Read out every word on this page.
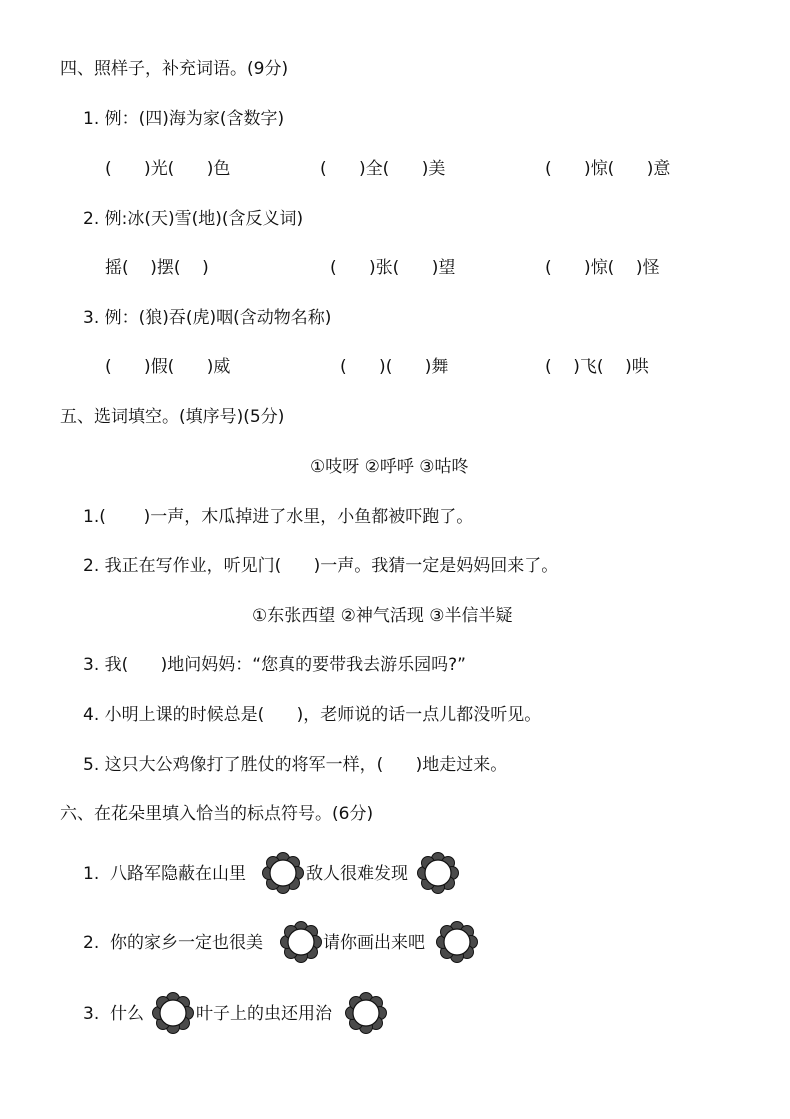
四、照样子，补充词语。(9分)
1. 例：(四)海为家(含数字)
(      )光(      )色	(      )全(      )美	(      )惊(      )意
2. 例:冰(天)雪(地)(含反义词)
摇(    )摆(    )	(      )张(      )望	(      )惊(    )怪
3. 例：(狼)吞(虎)咽(含动物名称)
(      )假(      )威	(      )(      )舞	(    )飞(    )哄
五、选词填空。(填序号)(5分)
①吱呀 ②呼呼 ③咕咚
1.(       )一声，木瓜掉进了水里，小鱼都被吓跑了。
2. 我正在写作业，听见门(      )一声。我猜一定是妈妈回来了。
①东张西望 ②神气活现 ③半信半疑
3. 我(      )地问妈妈：“您真的要带我去游乐园吗?”
4. 小明上课的时候总是(      )，老师说的话一点儿都没听见。
5. 这只大公鸡像打了胜仗的将军一样，(      )地走过来。
六、在花朵里填入恰当的标点符号。(6分)
1. 八路军隐蔽在山里	敌人很难发现
2. 你的家乡一定也很美	请你画出来吧
3. 什么	叶子上的虫还用治
